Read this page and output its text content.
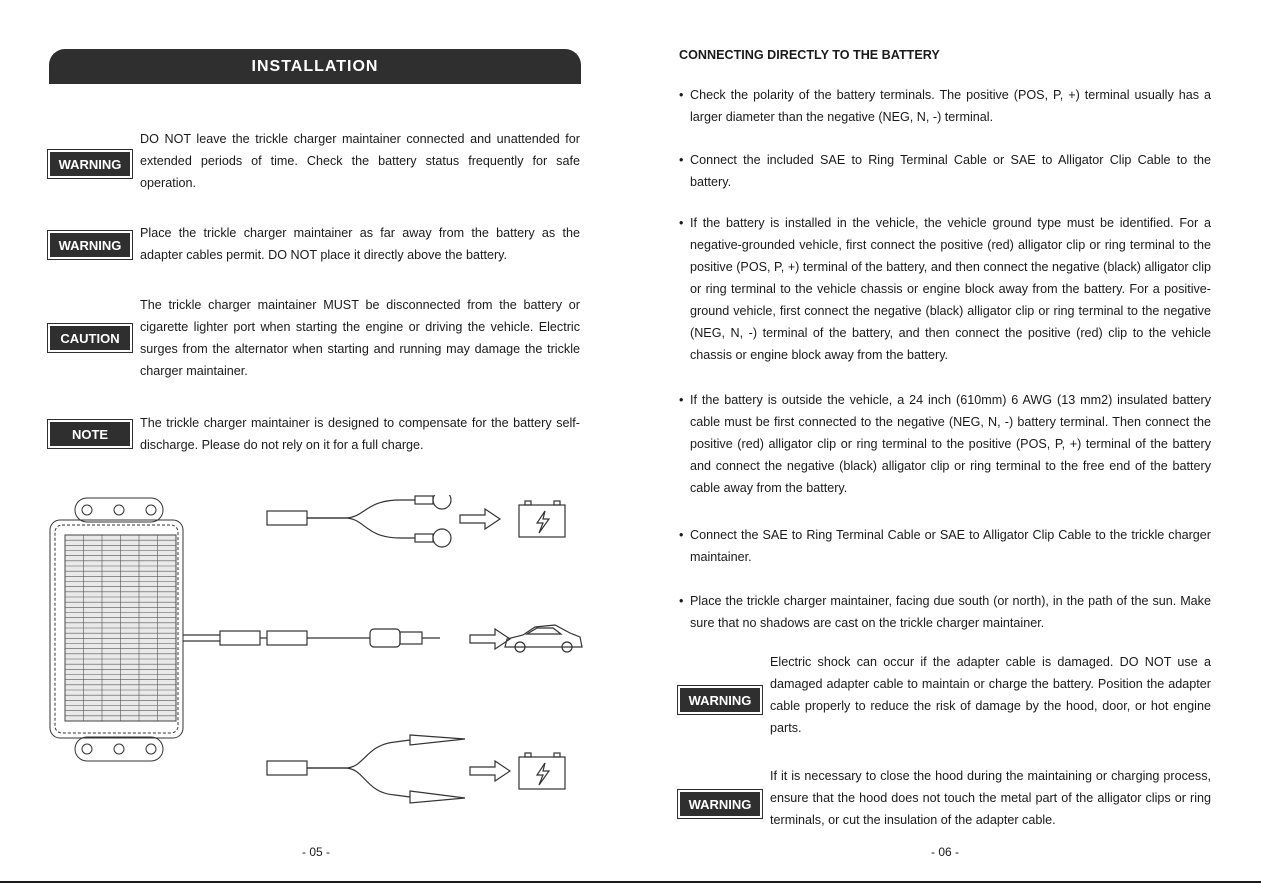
INSTALLATION
WARNING

DO NOT leave the trickle charger maintainer connected and unattended for extended periods of time. Check the battery status frequently for safe operation.

WARNING

Place the trickle charger maintainer as far away from the battery as the adapter cables permit. DO NOT place it directly above the battery.

CAUTION

The trickle charger maintainer MUST be disconnected from the battery or cigarette lighter port when starting the engine or driving the vehicle. Electric surges from the alternator when starting and running may damage the trickle charger maintainer.

NOTE

The trickle charger maintainer is designed to compensate for the battery self-discharge. Please do not rely on it for a full charge.

- 05 -

CONNECTING DIRECTLY TO THE BATTERY

• Check the polarity of the battery terminals. The positive (POS, P, +) terminal usually has a larger diameter than the negative (NEG, N, -) terminal.

• Connect the included SAE to Ring Terminal Cable or SAE to Alligator Clip Cable to the battery.

• If the battery is installed in the vehicle, the vehicle ground type must be identified. For a negative-grounded vehicle, first connect the positive (red) alligator clip or ring terminal to the positive (POS, P, +) terminal of the battery, and then connect the negative (black) alligator clip or ring terminal to the vehicle chassis or engine block away from the battery. For a positive-ground vehicle, first connect the negative (black) alligator clip or ring terminal to the negative (NEG, N, -) terminal of the battery, and then connect the positive (red) clip to the vehicle chassis or engine block away from the battery.

• If the battery is outside the vehicle, a 24 inch (610mm) 6 AWG (13 mm2) insulated battery cable must be first connected to the negative (NEG, N, -) battery terminal. Then connect the positive (red) alligator clip or ring terminal to the positive (POS, P, +) terminal of the battery and connect the negative (black) alligator clip or ring terminal to the free end of the battery cable away from the battery.

• Connect the SAE to Ring Terminal Cable or SAE to Alligator Clip Cable to the trickle charger maintainer.

• Place the trickle charger maintainer, facing due south (or north), in the path of the sun. Make sure that no shadows are cast on the trickle charger maintainer.

WARNING

Electric shock can occur if the adapter cable is damaged. DO NOT use a damaged adapter cable to maintain or charge the battery. Position the adapter cable properly to reduce the risk of damage by the hood, door, or hot engine parts.

WARNING

If it is necessary to close the hood during the maintaining or charging process, ensure that the hood does not touch the metal part of the alligator clips or ring terminals, or cut the insulation of the adapter cable.

- 06 -
